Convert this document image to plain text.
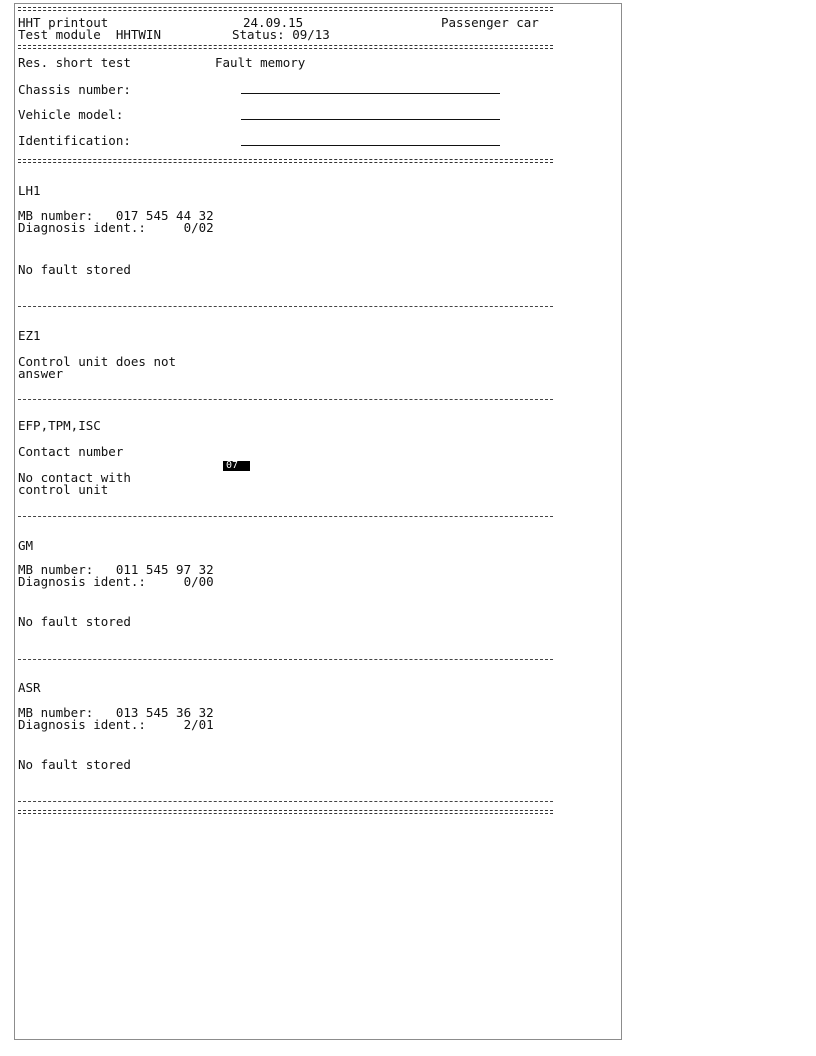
HHT printout	24.09.15	Passenger car
Test module  HHTWIN	Status: 09/13
Res. short test	Fault memory
Chassis number:
Vehicle model:
Identification:
LH1
MB number:   017 545 44 32
Diagnosis ident.:     0/02
No fault stored
EZ1
Control unit does not
answer
EFP,TPM,ISC
Contact number
07
No contact with
control unit
GM
MB number:   011 545 97 32
Diagnosis ident.:     0/00
No fault stored
ASR
MB number:   013 545 36 32
Diagnosis ident.:     2/01
No fault stored
